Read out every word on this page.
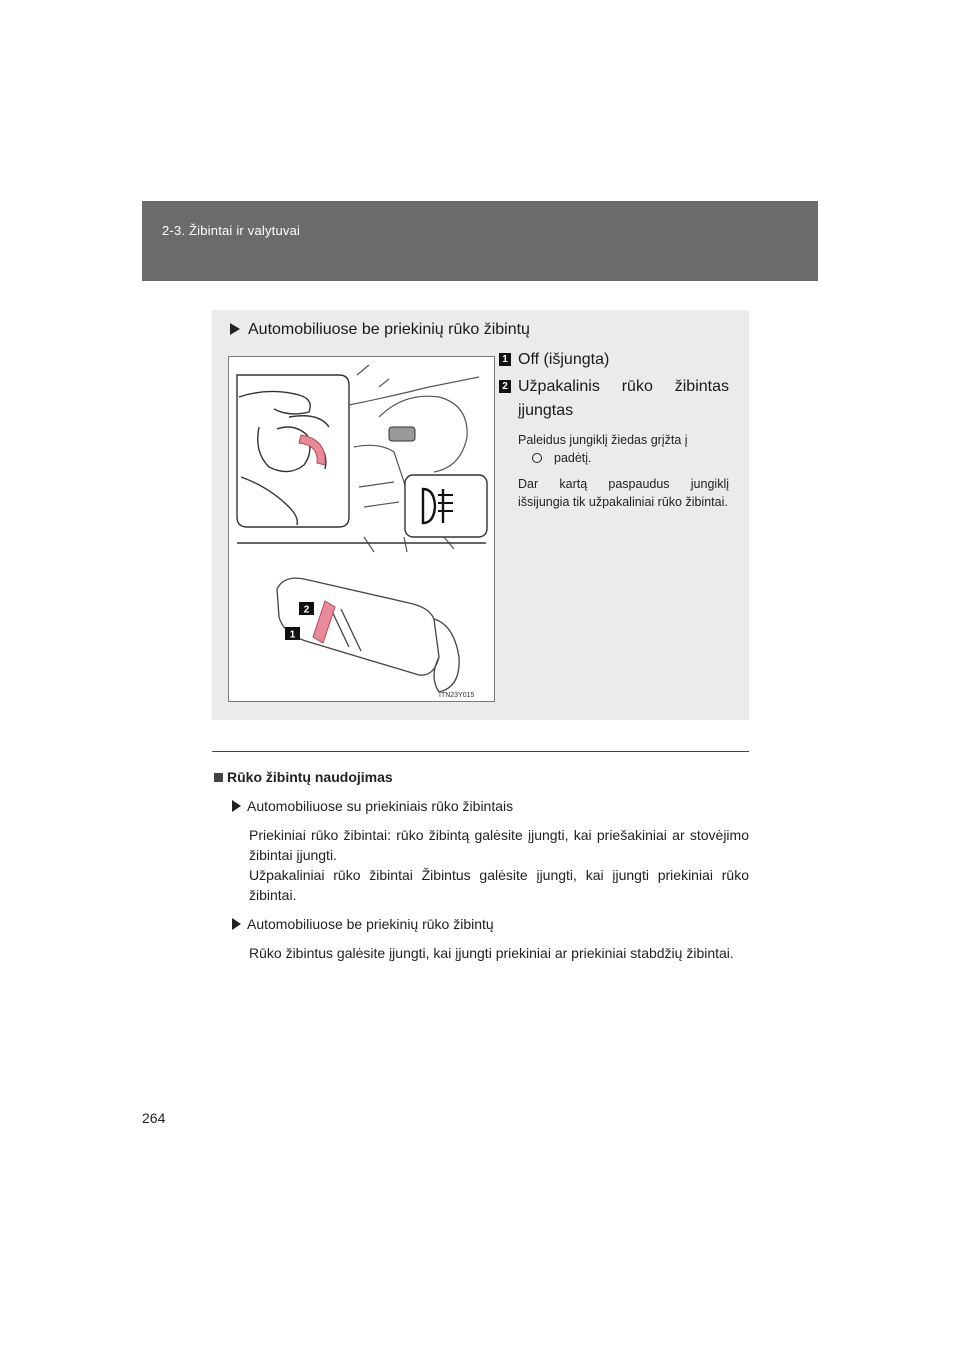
2-3. Žibintai ir valytuvai
Automobiliuose be priekinių rūko žibintų
2
1
ITN23Y015
1 Off (išjungta)
2 Užpakalinis rūko žibintas įjungtas
Paleidus jungiklį žiedas grįžta į
padėtį.
Dar kartą paspaudus jungiklį išsijungia tik užpakaliniai rūko žibintai.
Rūko žibintų naudojimas
Automobiliuose su priekiniais rūko žibintais
Priekiniai rūko žibintai: rūko žibintą galėsite įjungti, kai priešakiniai ar stovėjimo žibintai įjungti.
Užpakaliniai rūko žibintai Žibintus galėsite įjungti, kai įjungti priekiniai rūko žibintai.
Automobiliuose be priekinių rūko žibintų
Rūko žibintus galėsite įjungti, kai įjungti priekiniai ar priekiniai stabdžių žibintai.
264
